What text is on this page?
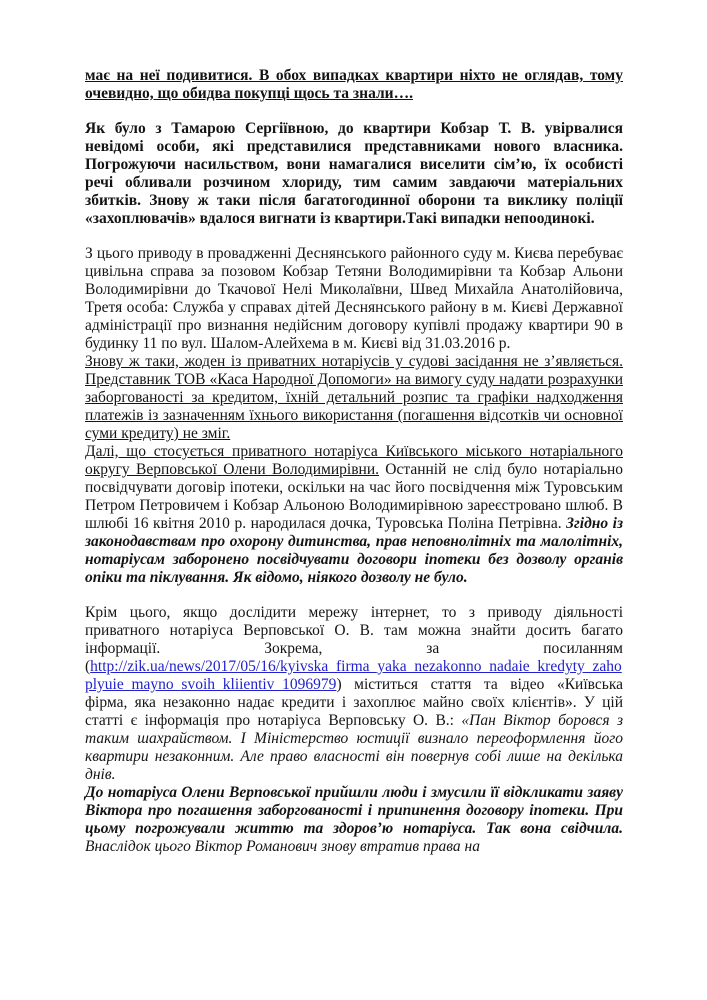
має на неї подивитися. В обох випадках квартири ніхто не оглядав, тому очевидно, що обидва покупці щось та знали….

Як було з Тамарою Сергіївною, до квартири Кобзар Т. В. увірвалися невідомі особи, які представилися представниками нового власника. Погрожуючи насильством, вони намагалися виселити сім’ю, їх особисті речі обливали розчином хлориду, тим самим завдаючи матеріальних збитків. Знову ж таки після багатогодинної оборони та виклику поліції «захоплювачів» вдалося вигнати із квартири.Такі випадки непоодинокі.

З цього приводу в провадженні Деснянського районного суду м. Києва перебуває цивільна справа за позовом Кобзар Тетяни Володимирівни та Кобзар Альони Володимирівни до Ткачової Нелі Миколаївни, Швед Михайла Анатолійовича, Третя особа: Служба у справах дітей Деснянського району в м. Києві Державної адміністрації про визнання недійсним договору купівлі продажу квартири 90 в будинку 11 по вул. Шалом-Алейхема в м. Києві від 31.03.2016 р.

Знову ж таки, жоден із приватних нотаріусів у судові засідання не з’являється. Представник ТОВ «Каса Народної Допомоги» на вимогу суду надати розрахунки заборгованості за кредитом, їхній детальний розпис та графіки надходження платежів із зазначенням їхнього використання (погашення відсотків чи основної суми кредиту) не зміг.

Далі, що стосується приватного нотаріуса Київського міського нотаріального округу Верповської Олени Володимирівни. Останній не слід було нотаріально посвідчувати договір іпотеки, оскільки на час його посвідчення між Туровським Петром Петровичем і Кобзар Альоною Володимирівною зареєстровано шлюб. В шлюбі 16 квітня 2010 р. народилася дочка, Туровська Поліна Петрівна. Згідно із законодавствам про охорону дитинства, прав неповнолітніх та малолітніх, нотаріусам заборонено посвідчувати договори іпотеки без дозволу органів опіки та піклування. Як відомо, ніякого дозволу не було.

Крім цього, якщо дослідити мережу інтернет, то з приводу діяльності приватного нотаріуса Верповської О. В. там можна знайти досить багато інформації. Зокрема, за посиланням (http://zik.ua/news/2017/05/16/kyivska_firma_yaka_nezakonno_nadaie_kredyty_zahoplyuie_mayno_svoih_kliientiv_1096979) міститься стаття та відео «Київська фірма, яка незаконно надає кредити і захоплює майно своїх клієнтів». У цій статті є інформація про нотаріуса Верповську О. В.: «Пан Віктор боровся з таким шахрайством. І Міністерство юстиції визнало переоформлення його квартири незаконним. Але право власності він повернув собі лише на декілька днів.

До нотаріуса Олени Верповської прийшли люди і змусили її відкликати заяву Віктора про погашення заборгованості і припинення договору іпотеки. При цьому погрожували життю та здоров’ю нотаріуса. Так вона свідчила. Внаслідок цього Віктор Романович знову втратив права на
